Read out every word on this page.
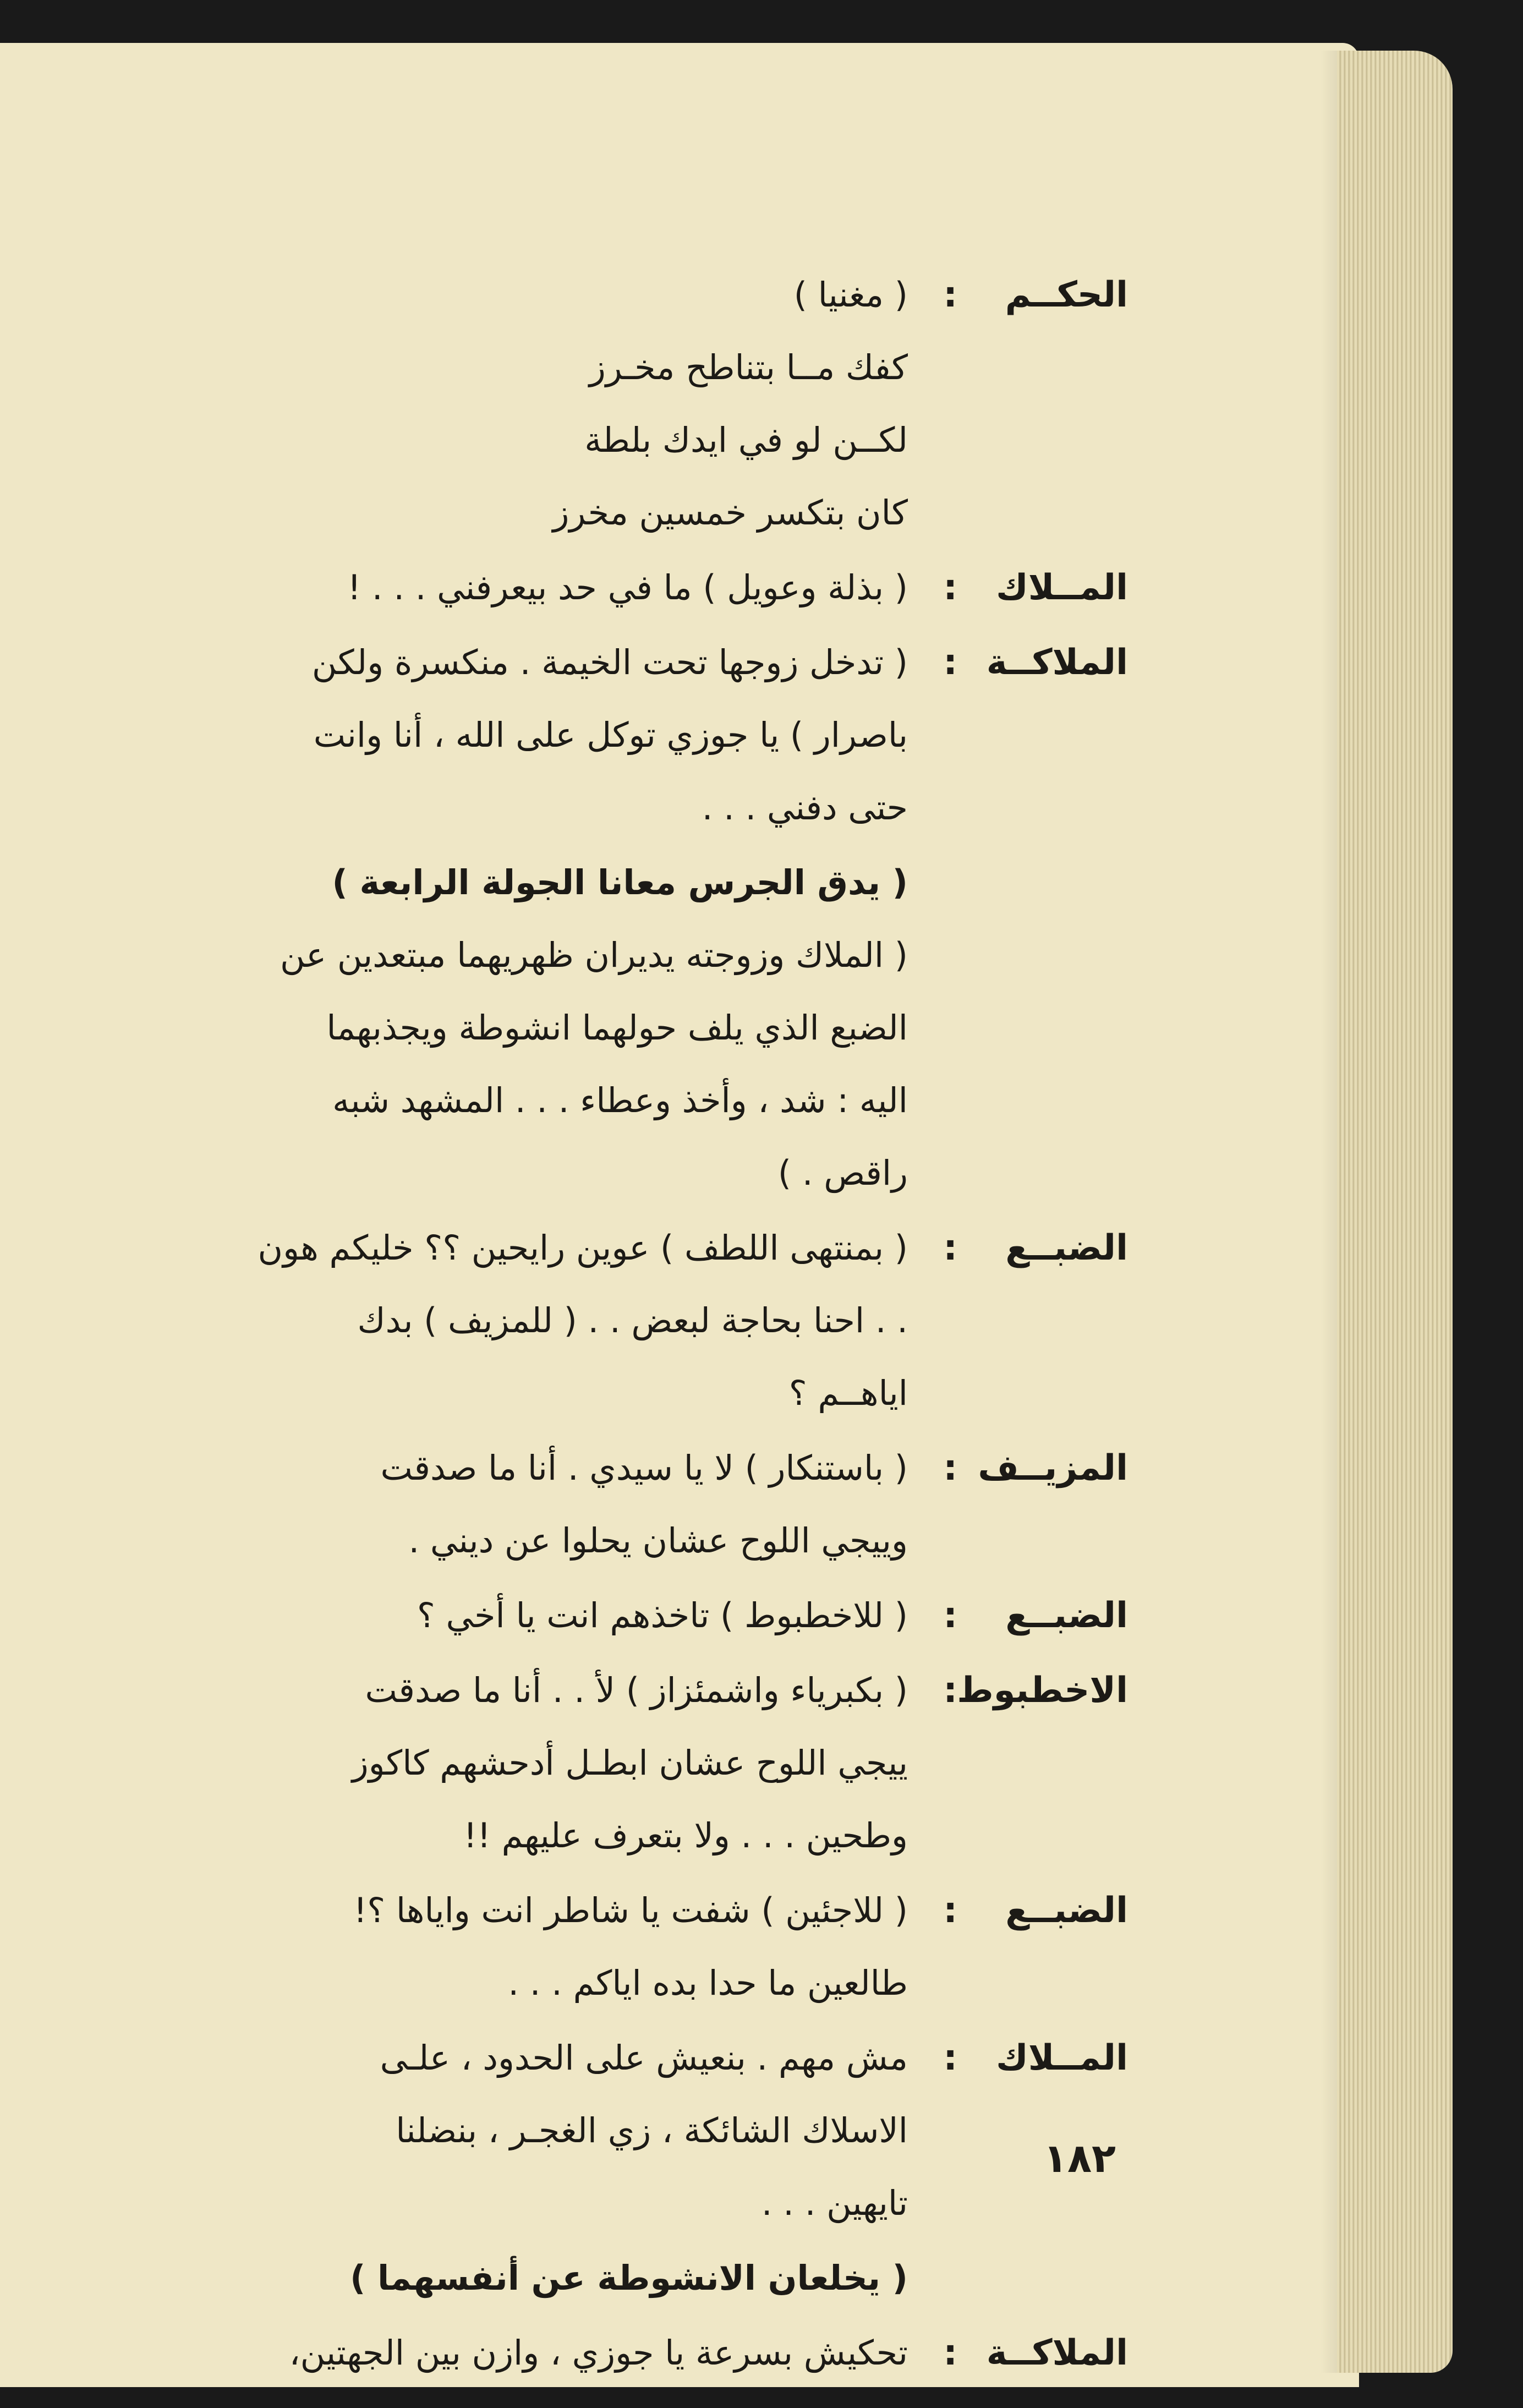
الحكــم
:
( مغنيا )
كفك مــا بتناطح مخـرز
لكــن لو في ايدك بلطة
كان بتكسر خمسين مخرز
المــلاك
:
( بذلة وعويل ) ما في حد بيعرفني . . . !
الملاكــة
:
( تدخل زوجها تحت الخيمة . منكسرة ولكن
باصرار ) يا جوزي توكل على الله ، أنا وانت
حتى دفني . . .
( يدق الجرس معانا الجولة الرابعة )
( الملاك وزوجته يديران ظهريهما مبتعدين عن
الضبع الذي يلف حولهما انشوطة ويجذبهما
اليه : شد ، وأخذ وعطاء . . . المشهد شبه
راقص . )
الضبــع
:
( بمنتهى اللطف ) عوين رايحين ؟؟ خليكم هون
. . احنا بحاجة لبعض . . ( للمزيف ) بدك
اياهــم ؟
المزيــف
:
( باستنكار ) لا يا سيدي . أنا ما صدقت
وييجي اللوح عشان يحلوا عن ديني .
الضبــع
:
( للاخطبوط ) تاخذهم انت يا أخي ؟
الاخطبوط
:
( بكبرياء واشمئزاز ) لأ . . أنا ما صدقت
ييجي اللوح عشان ابطـل أدحشهم كاكوز
وطحين . . . ولا بتعرف عليهم !!
الضبــع
:
( للاجئين ) شفت يا شاطر انت واياها ؟!
طالعين ما حدا بده اياكم . . .
المــلاك
:
مش مهم . بنعيش على الحدود ، علـى
الاسلاك الشائكة ، زي الغجـر ، بنضلنا
تايهين . . .
( يخلعان الانشوطة عن أنفسهما )
الملاكــة
:
تحكيش بسرعة يا جوزي ، وازن بين الجهتين،
١٨٢
